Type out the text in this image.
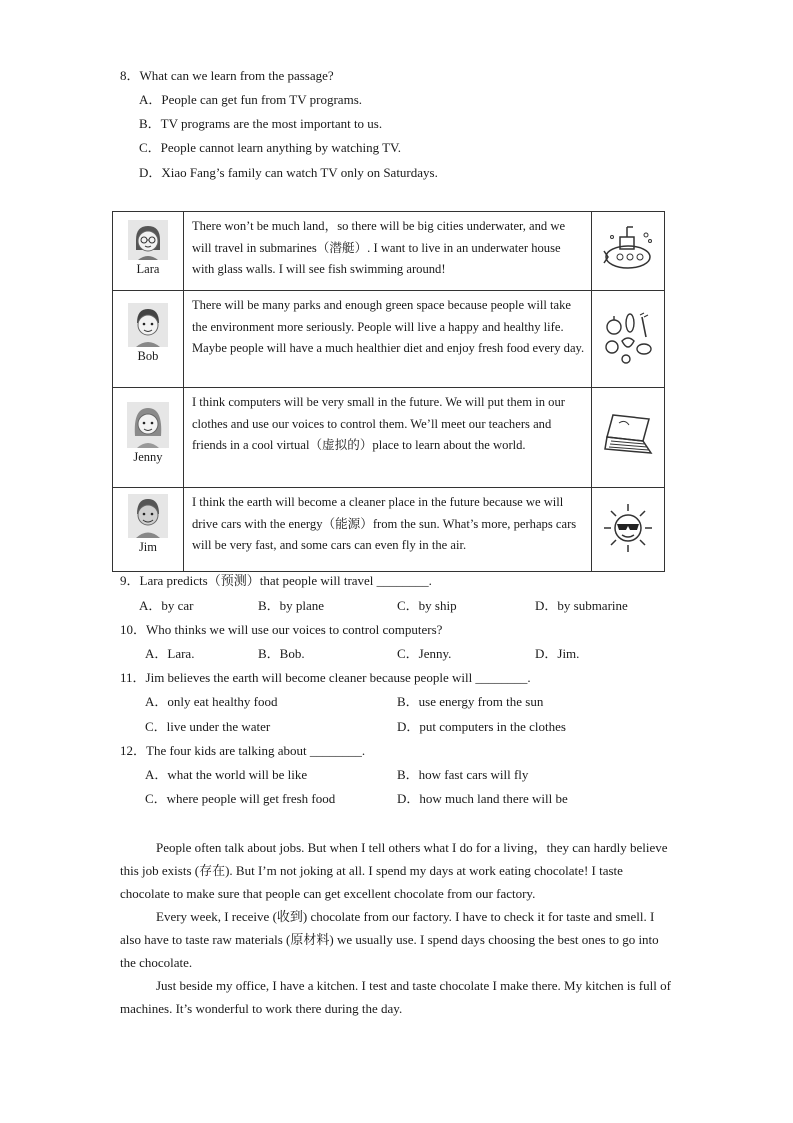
8．What can we learn from the passage?
A．People can get fun from TV programs.
B．TV programs are the most important to us.
C．People cannot learn anything by watching TV.
D．Xiao Fang’s family can watch TV only on Saturdays.
Lara	There won’t be much land，so there will be big cities underwater, and we will travel in submarines（潜艇）. I want to live in an underwater house with glass walls. I will see fish swimming around!	

Bob	There will be many parks and enough green space because people will take the environment more seriously. People will live a happy and healthy life. Maybe people will have a much healthier diet and enjoy fresh food every day.	

Jenny	I think computers will be very small in the future. We will put them in our clothes and use our voices to control them. We’ll meet our teachers and friends in a cool virtual（虚拟的）place to learn about the world.	

Jim	I think the earth will become a cleaner place in the future because we will drive cars with the energy（能源）from the sun. What’s more, perhaps cars will be very fast, and some cars can even fly in the air.	
9．Lara predicts（预测）that people will travel ________.
A．by car	B．by plane	C．by ship	D．by submarine
10．Who thinks we will use our voices to control computers?
A．Lara.	B．Bob.	C．Jenny.	D．Jim.
11．Jim believes the earth will become cleaner because people will ________.
A．only eat healthy food	B．use energy from the sun
C．live under the water	D．put computers in the clothes
12．The four kids are talking about ________.
A．what the world will be like	B．how fast cars will fly
C．where people will get fresh food	D．how much land there will be

People often talk about jobs. But when I tell others what I do for a living，they can hardly believe this job exists (存在). But I’m not joking at all. I spend my days at work eating chocolate! I taste chocolate to make sure that people can get excellent chocolate from our factory.

Every week, I receive (收到) chocolate from our factory. I have to check it for taste and smell. I also have to taste raw materials (原材料) we usually use. I spend days choosing the best ones to go into the chocolate.

Just beside my office, I have a kitchen. I test and taste chocolate I make there. My kitchen is full of machines. It’s wonderful to work there during the day.
